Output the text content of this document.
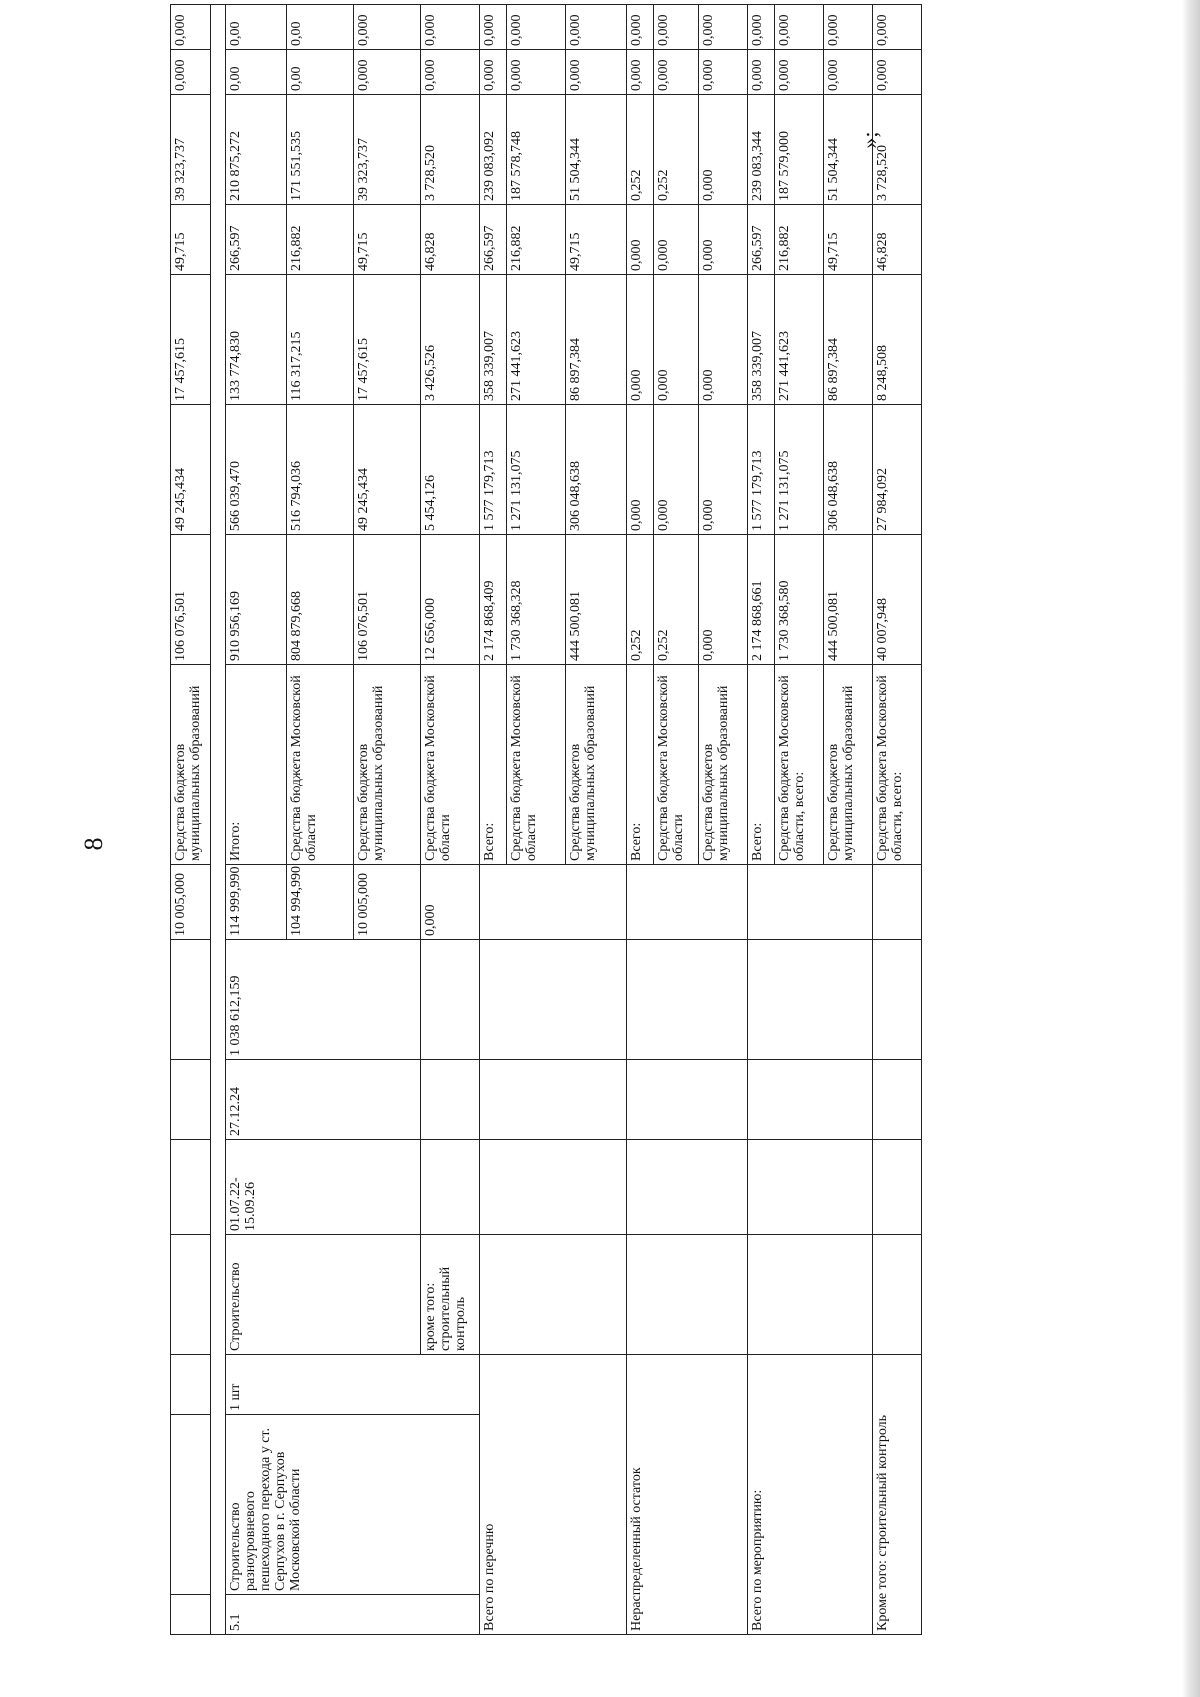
8
»;
							10 005,000	Средства бюджетов муниципальных образований	106 076,501	49 245,434	17 457,615	49,715	39 323,737	0,000	0,000

5.1	Строительство разноуровневого пешеходного перехода у ст. Серпухов в г. Серпухов Московской области	1 шт	Строительство	01.07.22-15.09.26	27.12.24	1 038 612,159	114 999,990	Итого:	910 956,169	566 039,470	133 774,830	266,597	210 875,272	0,00	0,00
							104 994,990	Средства бюджета Московской области	804 879,668	516 794,036	116 317,215	216,882	171 551,535	0,00	0,00
							10 005,000	Средства бюджетов муниципальных образований	106 076,501	49 245,434	17 457,615	49,715	39 323,737	0,000	0,000
			кроме того: строительный контроль				0,000	Средства бюджета Московской области	12 656,000	5 454,126	3 426,526	46,828	3 728,520	0,000	0,000
Всего по перечню								Всего:	2 174 868,409	1 577 179,713	358 339,007	266,597	239 083,092	0,000	0,000
								Средства бюджета Московской области	1 730 368,328	1 271 131,075	271 441,623	216,882	187 578,748	0,000	0,000
								Средства бюджетов муниципальных образований	444 500,081	306 048,638	86 897,384	49,715	51 504,344	0,000	0,000
Нераспределенный остаток								Всего:	0,252	0,000	0,000	0,000	0,252	0,000	0,000
								Средства бюджета Московской области	0,252	0,000	0,000	0,000	0,252	0,000	0,000
								Средства бюджетов муниципальных образований	0,000	0,000	0,000	0,000	0,000	0,000	0,000
Всего по мероприятию:								Всего:	2 174 868,661	1 577 179,713	358 339,007	266,597	239 083,344	0,000	0,000
								Средства бюджета Московской области, всего:	1 730 368,580	1 271 131,075	271 441,623	216,882	187 579,000	0,000	0,000
								Средства бюджетов муниципальных образований	444 500,081	306 048,638	86 897,384	49,715	51 504,344	0,000	0,000
Кроме того: строительный контроль								Средства бюджета Московской области, всего:	40 007,948	27 984,092	8 248,508	46,828	3 728,520	0,000	0,000
